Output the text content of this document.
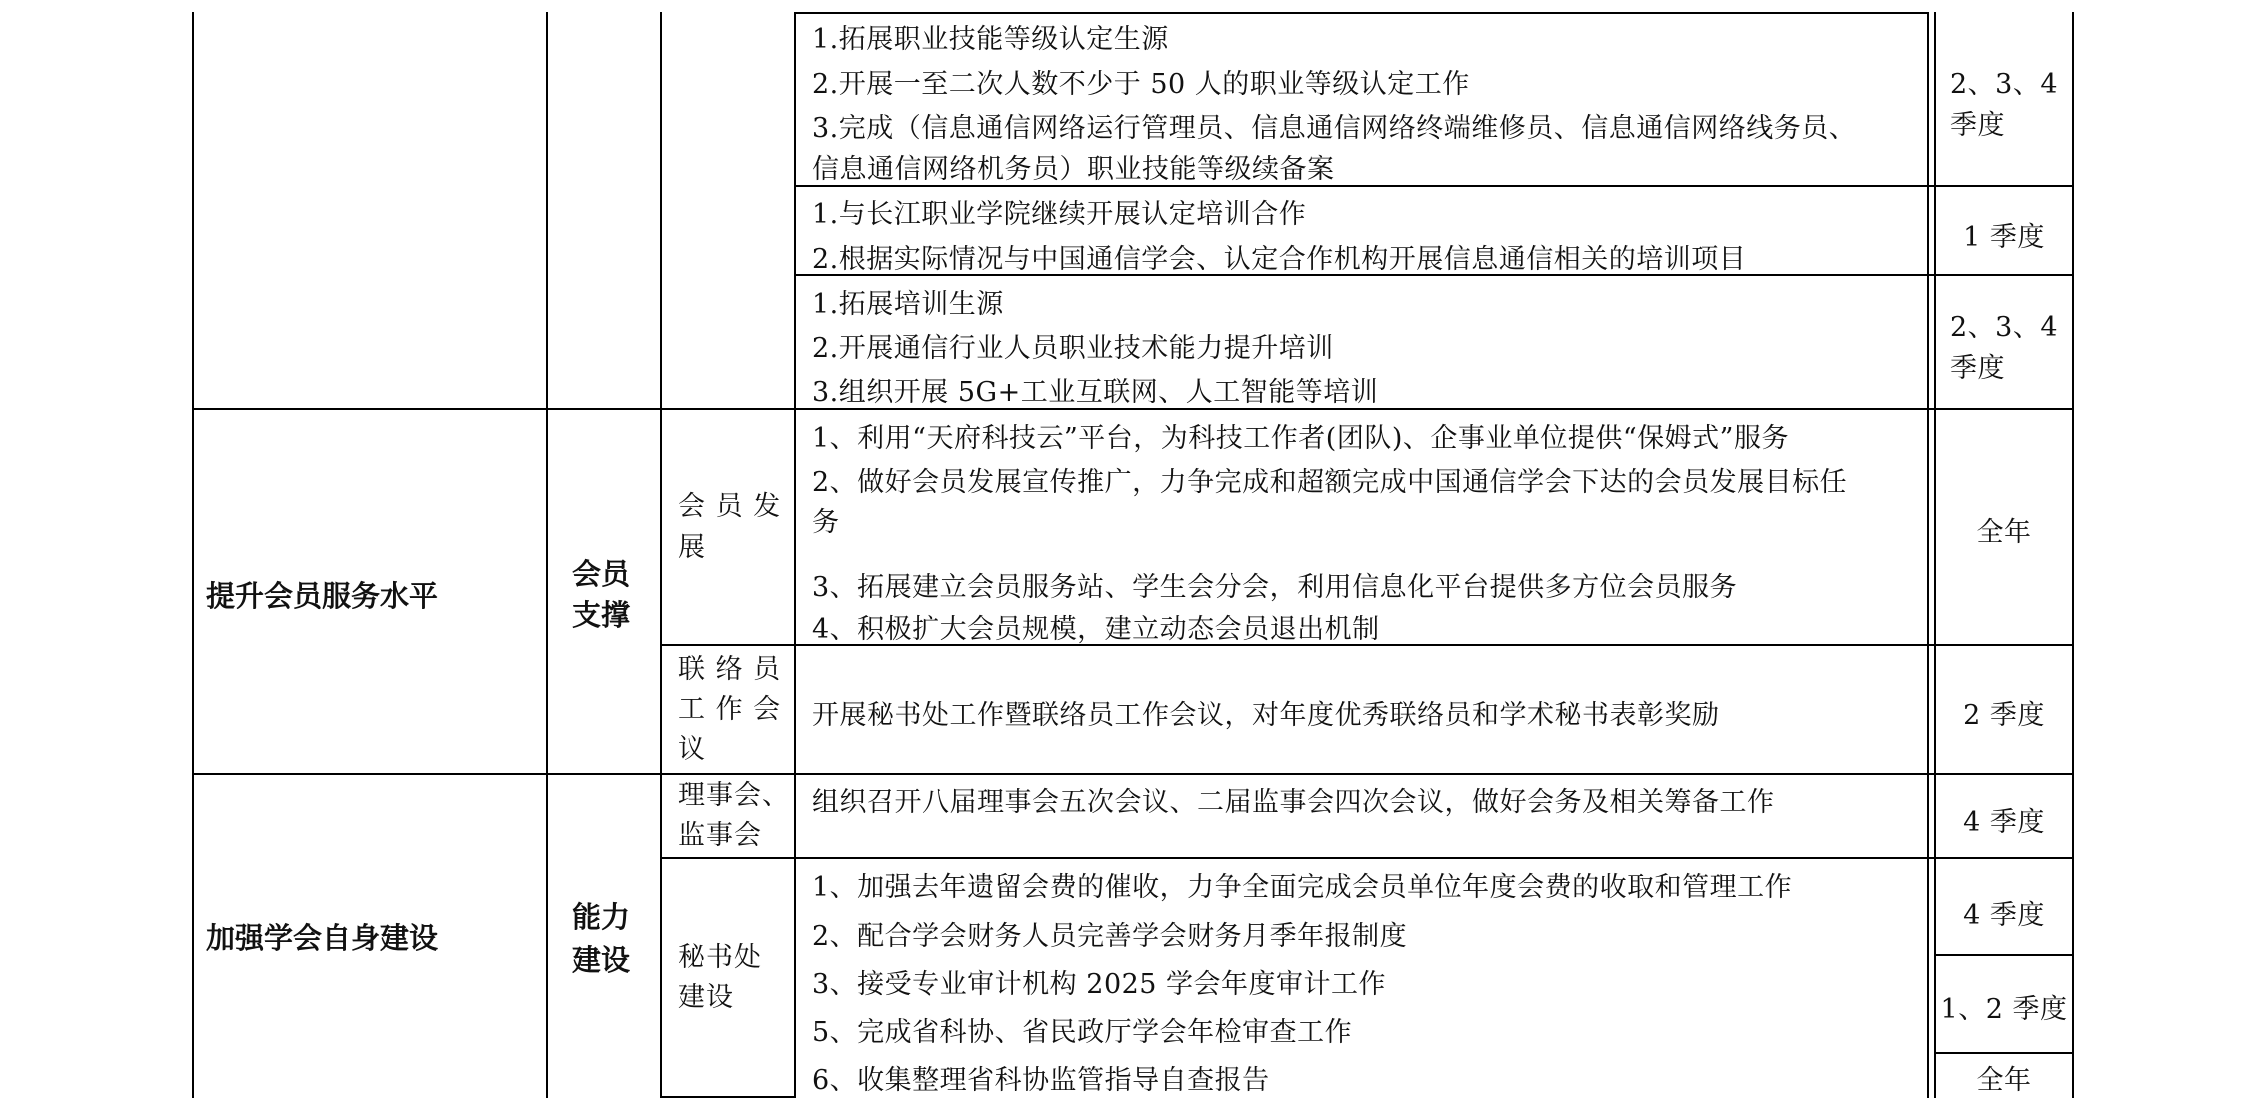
1.拓展职业技能等级认定生源
2.开展一至二次人数不少于 50 人的职业等级认定工作
3.完成（信息通信网络运行管理员、信息通信网络终端维修员、信息通信网络线务员、
信息通信网络机务员）职业技能等级续备案
2、3、4
季度
1.与长江职业学院继续开展认定培训合作
2.根据实际情况与中国通信学会、认定合作机构开展信息通信相关的培训项目
1 季度
1.拓展培训生源
2.开展通信行业人员职业技术能力提升培训
3.组织开展 5G+工业互联网、人工智能等培训
2、3、4
季度
提升会员服务水平
会员
支撑
会 员 发
展
1、利用“天府科技云”平台，为科技工作者(团队)、企事业单位提供“保姆式”服务
2、做好会员发展宣传推广，力争完成和超额完成中国通信学会下达的会员发展目标任
务
3、拓展建立会员服务站、学生会分会，利用信息化平台提供多方位会员服务
4、积极扩大会员规模，建立动态会员退出机制
全年
联 络 员
工 作 会
议
开展秘书处工作暨联络员工作会议，对年度优秀联络员和学术秘书表彰奖励	2 季度
加强学会自身建设
能力
建设
理事会、
监事会
组织召开八届理事会五次会议、二届监事会四次会议，做好会务及相关筹备工作
4 季度
秘书处
建设
1、加强去年遗留会费的催收，力争全面完成会员单位年度会费的收取和管理工作
2、配合学会财务人员完善学会财务月季年报制度
3、接受专业审计机构 2025 学会年度审计工作
5、完成省科协、省民政厅学会年检审查工作
6、收集整理省科协监管指导自查报告
4 季度
1、2 季度
全年
